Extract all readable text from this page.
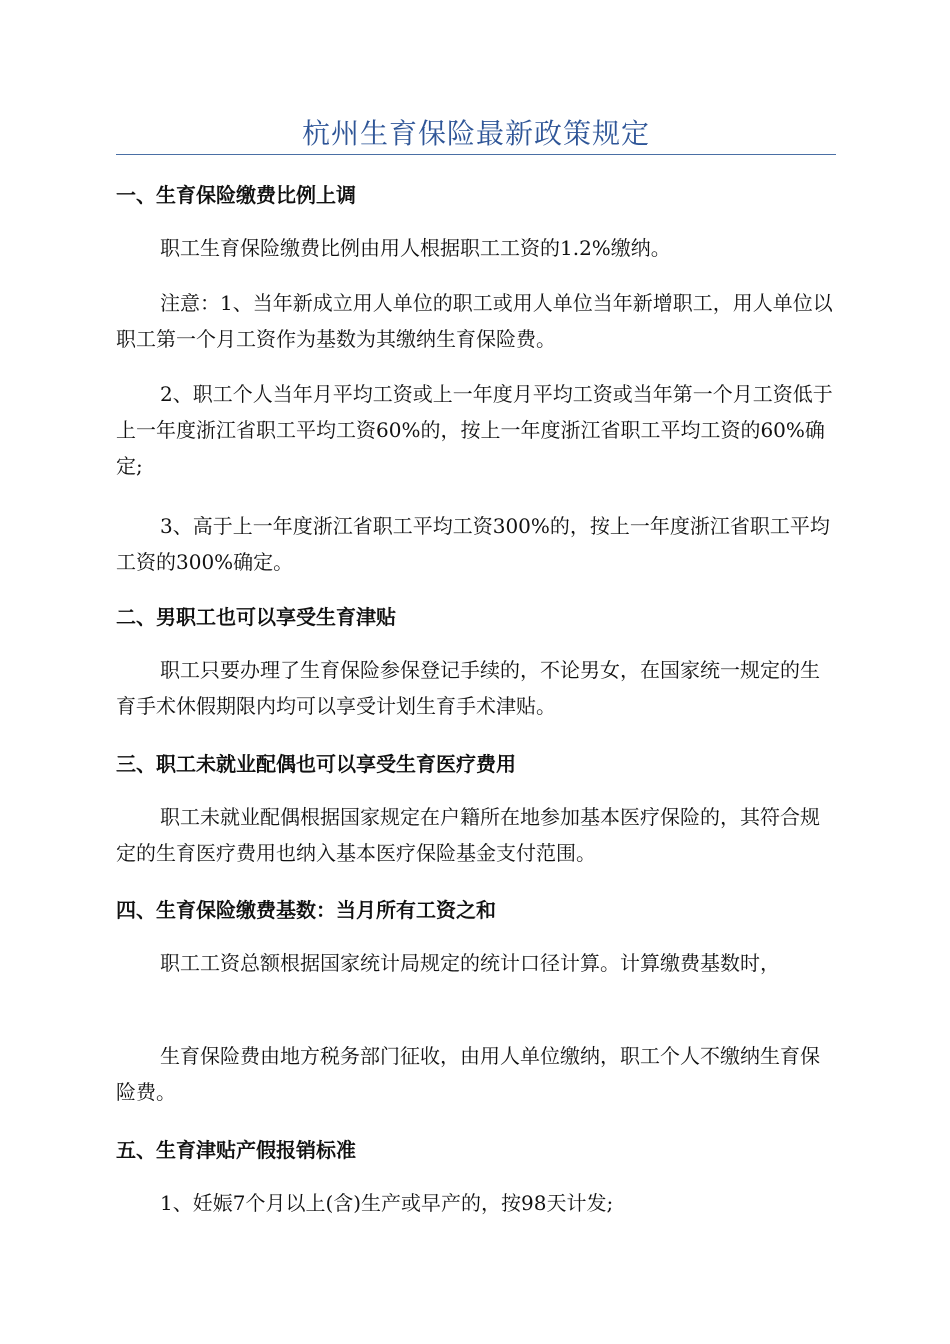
杭州生育保险最新政策规定
一、生育保险缴费比例上调
职工生育保险缴费比例由用人根据职工工资的1.2%缴纳。
注意：1、当年新成立用人单位的职工或用人单位当年新增职工，用人单位以职工第一个月工资作为基数为其缴纳生育保险费。
2、职工个人当年月平均工资或上一年度月平均工资或当年第一个月工资低于上一年度浙江省职工平均工资60%的，按上一年度浙江省职工平均工资的60%确定;
3、高于上一年度浙江省职工平均工资300%的，按上一年度浙江省职工平均工资的300%确定。
二、男职工也可以享受生育津贴
职工只要办理了生育保险参保登记手续的，不论男女，在国家统一规定的生育手术休假期限内均可以享受计划生育手术津贴。
三、职工未就业配偶也可以享受生育医疗费用
职工未就业配偶根据国家规定在户籍所在地参加基本医疗保险的，其符合规定的生育医疗费用也纳入基本医疗保险基金支付范围。
四、生育保险缴费基数：当月所有工资之和
职工工资总额根据国家统计局规定的统计口径计算。计算缴费基数时，
生育保险费由地方税务部门征收，由用人单位缴纳，职工个人不缴纳生育保险费。
五、生育津贴产假报销标准
1、妊娠7个月以上(含)生产或早产的，按98天计发;
